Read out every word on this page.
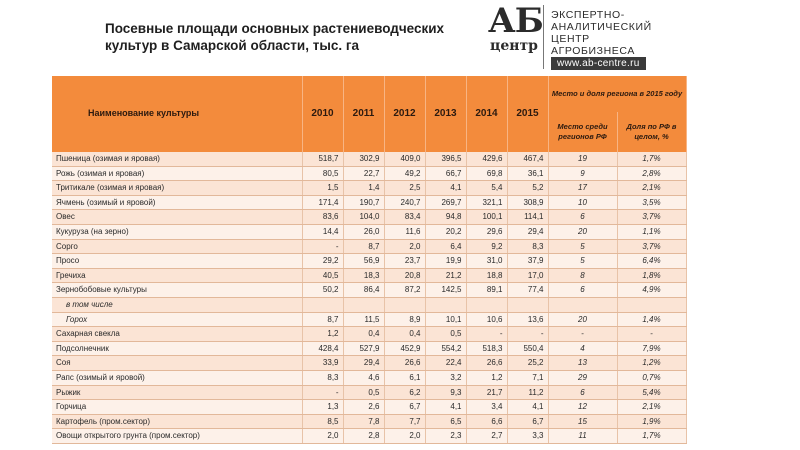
Посевные площади основных растениеводческих культур в Самарской области, тыс. га
АБ
центр
ЭКСПЕРТНО-
АНАЛИТИЧЕСКИЙ
ЦЕНТР
АГРОБИЗНЕСА
www.ab-centre.ru
Наименование культуры	2010	2011	2012	2013	2014	2015	Место и доля региона в 2015 году	
							Место среди регионов РФ	Доля по РФ в целом, %
Пшеница (озимая и яровая)	518,7	302,9	409,0	396,5	429,6	467,4	19	1,7%
Рожь (озимая и яровая)	80,5	22,7	49,2	66,7	69,8	36,1	9	2,8%
Тритикале (озимая и яровая)	1,5	1,4	2,5	4,1	5,4	5,2	17	2,1%
Ячмень (озимый и яровой)	171,4	190,7	240,7	269,7	321,1	308,9	10	3,5%
Овес	83,6	104,0	83,4	94,8	100,1	114,1	6	3,7%
Кукуруза (на зерно)	14,4	26,0	11,6	20,2	29,6	29,4	20	1,1%
Сорго	-	8,7	2,0	6,4	9,2	8,3	5	3,7%
Просо	29,2	56,9	23,7	19,9	31,0	37,9	5	6,4%
Гречиха	40,5	18,3	20,8	21,2	18,8	17,0	8	1,8%
Зернобобовые культуры	50,2	86,4	87,2	142,5	89,1	77,4	6	4,9%
в том числе								
Горох	8,7	11,5	8,9	10,1	10,6	13,6	20	1,4%
Сахарная свекла	1,2	0,4	0,4	0,5	-	-	-	-
Подсолнечник	428,4	527,9	452,9	554,2	518,3	550,4	4	7,9%
Соя	33,9	29,4	26,6	22,4	26,6	25,2	13	1,2%
Рапс (озимый и яровой)	8,3	4,6	6,1	3,2	1,2	7,1	29	0,7%
Рыжик	-	0,5	6,2	9,3	21,7	11,2	6	5,4%
Горчица	1,3	2,6	6,7	4,1	3,4	4,1	12	2,1%
Картофель (пром.сектор)	8,5	7,8	7,7	6,5	6,6	6,7	15	1,9%
Овощи открытого грунта (пром.сектор)	2,0	2,8	2,0	2,3	2,7	3,3	11	1,7%
